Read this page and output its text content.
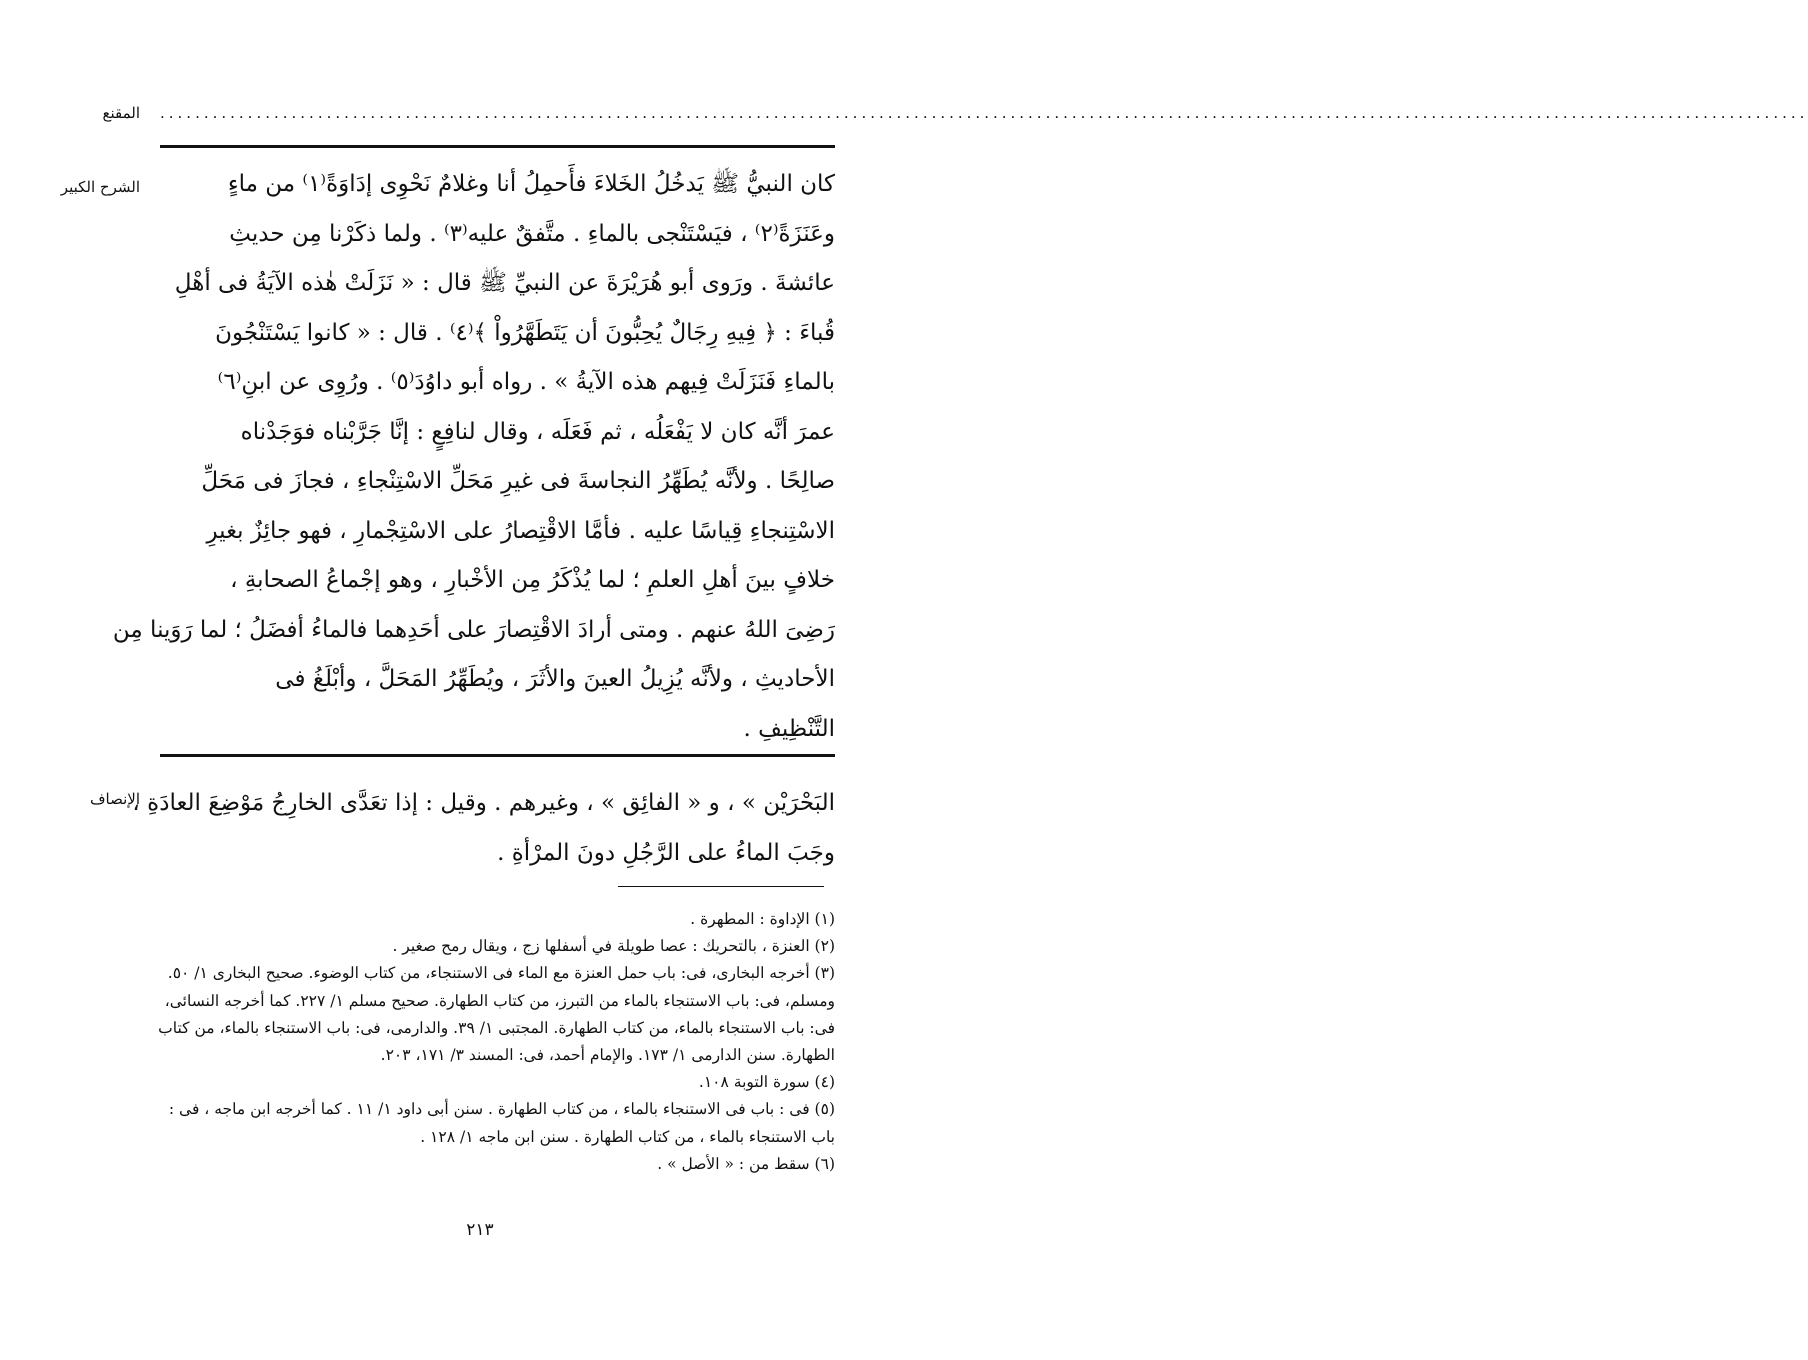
المقنع ............................................................................................................................................................................................
الشرح الكبير	كان النبيُّ ﷺ يَدخُلُ الخَلاءَ فأَحمِلُ أنا وغلامٌ نَحْوِى إدَاوَةً⁽١⁾ من ماءٍ
وعَنَزَةً⁽٢⁾ ، فيَسْتَنْجى بالماءِ . متَّفقٌ عليه⁽٣⁾ . ولما ذكَرْنا مِن حديثِ
عائشةَ . ورَوى أبو هُرَيْرَةَ عن النبيِّ ﷺ قال : « نَزَلَتْ هٰذه الآيَةُ فى أهْلِ
قُباءَ : ﴿ فِيهِ رِجَالٌ يُحِبُّونَ أن يَتَطَهَّرُواْ ﴾⁽٤⁾ . قال : « كانوا يَسْتَنْجُونَ
بالماءِ فَنَزَلَتْ فِيهم هذه الآيةُ » . رواه أبو داوُدَ⁽٥⁾ . ورُوِى عن ابنِ⁽٦⁾
عمرَ أنَّه كان لا يَفْعَلُه ، ثم فَعَلَه ، وقال لنافِعٍ : إنَّا جَرَّبْناه فوَجَدْناه
صالِحًا . ولأنَّه يُطَهِّرُ النجاسةَ فى غيرِ مَحَلِّ الاسْتِنْجاءِ ، فجازَ فى مَحَلِّ
الاسْتِنجاءِ قِياسًا عليه . فأمَّا الاقْتِصارُ على الاسْتِجْمارِ ، فهو جائِزٌ بغيرِ
خلافٍ بينَ أهلِ العلمِ ؛ لما يُذْكَرُ مِن الأخْبارِ ، وهو إجْماعُ الصحابةِ ،
رَضِىَ اللهُ عنهم . ومتى أرادَ الاقْتِصارَ على أحَدِهما فالماءُ أفضَلُ ؛ لما رَوَينا مِن
الأحاديثِ ، ولأنَّه يُزِيلُ العينَ والأثَرَ ، ويُطَهِّرُ المَحَلَّ ، وأبْلَغُ فى
التَّنْظِيفِ .
الإنصاف
البَحْرَيْن » ، و « الفائِق » ، وغيرهم . وقيل : إذا تعَدَّى الخارِجُ مَوْضِعَ العادَةِ ،
وجَبَ الماءُ على الرَّجُلِ دونَ المرْأةِ .
(١) الإداوة : المطهرة .
(٢) العنزة ، بالتحريك : عصا طويلة في أسفلها زج ، ويقال رمح صغير .
(٣) أخرجه البخارى، فى: باب حمل العنزة مع الماء فى الاستنجاء، من كتاب الوضوء. صحيح البخارى ١/ ٥٠.
ومسلم، فى: باب الاستنجاء بالماء من التبرز، من كتاب الطهارة. صحيح مسلم ١/ ٢٢٧. كما أخرجه النسائى،
فى: باب الاستنجاء بالماء، من كتاب الطهارة. المجتبى ١/ ٣٩. والدارمى، فى: باب الاستنجاء بالماء، من كتاب
الطهارة. سنن الدارمى ١/ ١٧٣. والإمام أحمد، فى: المسند ٣/ ١٧١، ٢٠٣.
(٤) سورة التوبة ١٠٨.
(٥) فى : باب فى الاستنجاء بالماء ، من كتاب الطهارة . سنن أبى داود ١/ ١١ . كما أخرجه ابن ماجه ، فى :
باب الاستنجاء بالماء ، من كتاب الطهارة . سنن ابن ماجه ١/ ١٢٨ .
(٦) سقط من : « الأصل » .
٢١٣
